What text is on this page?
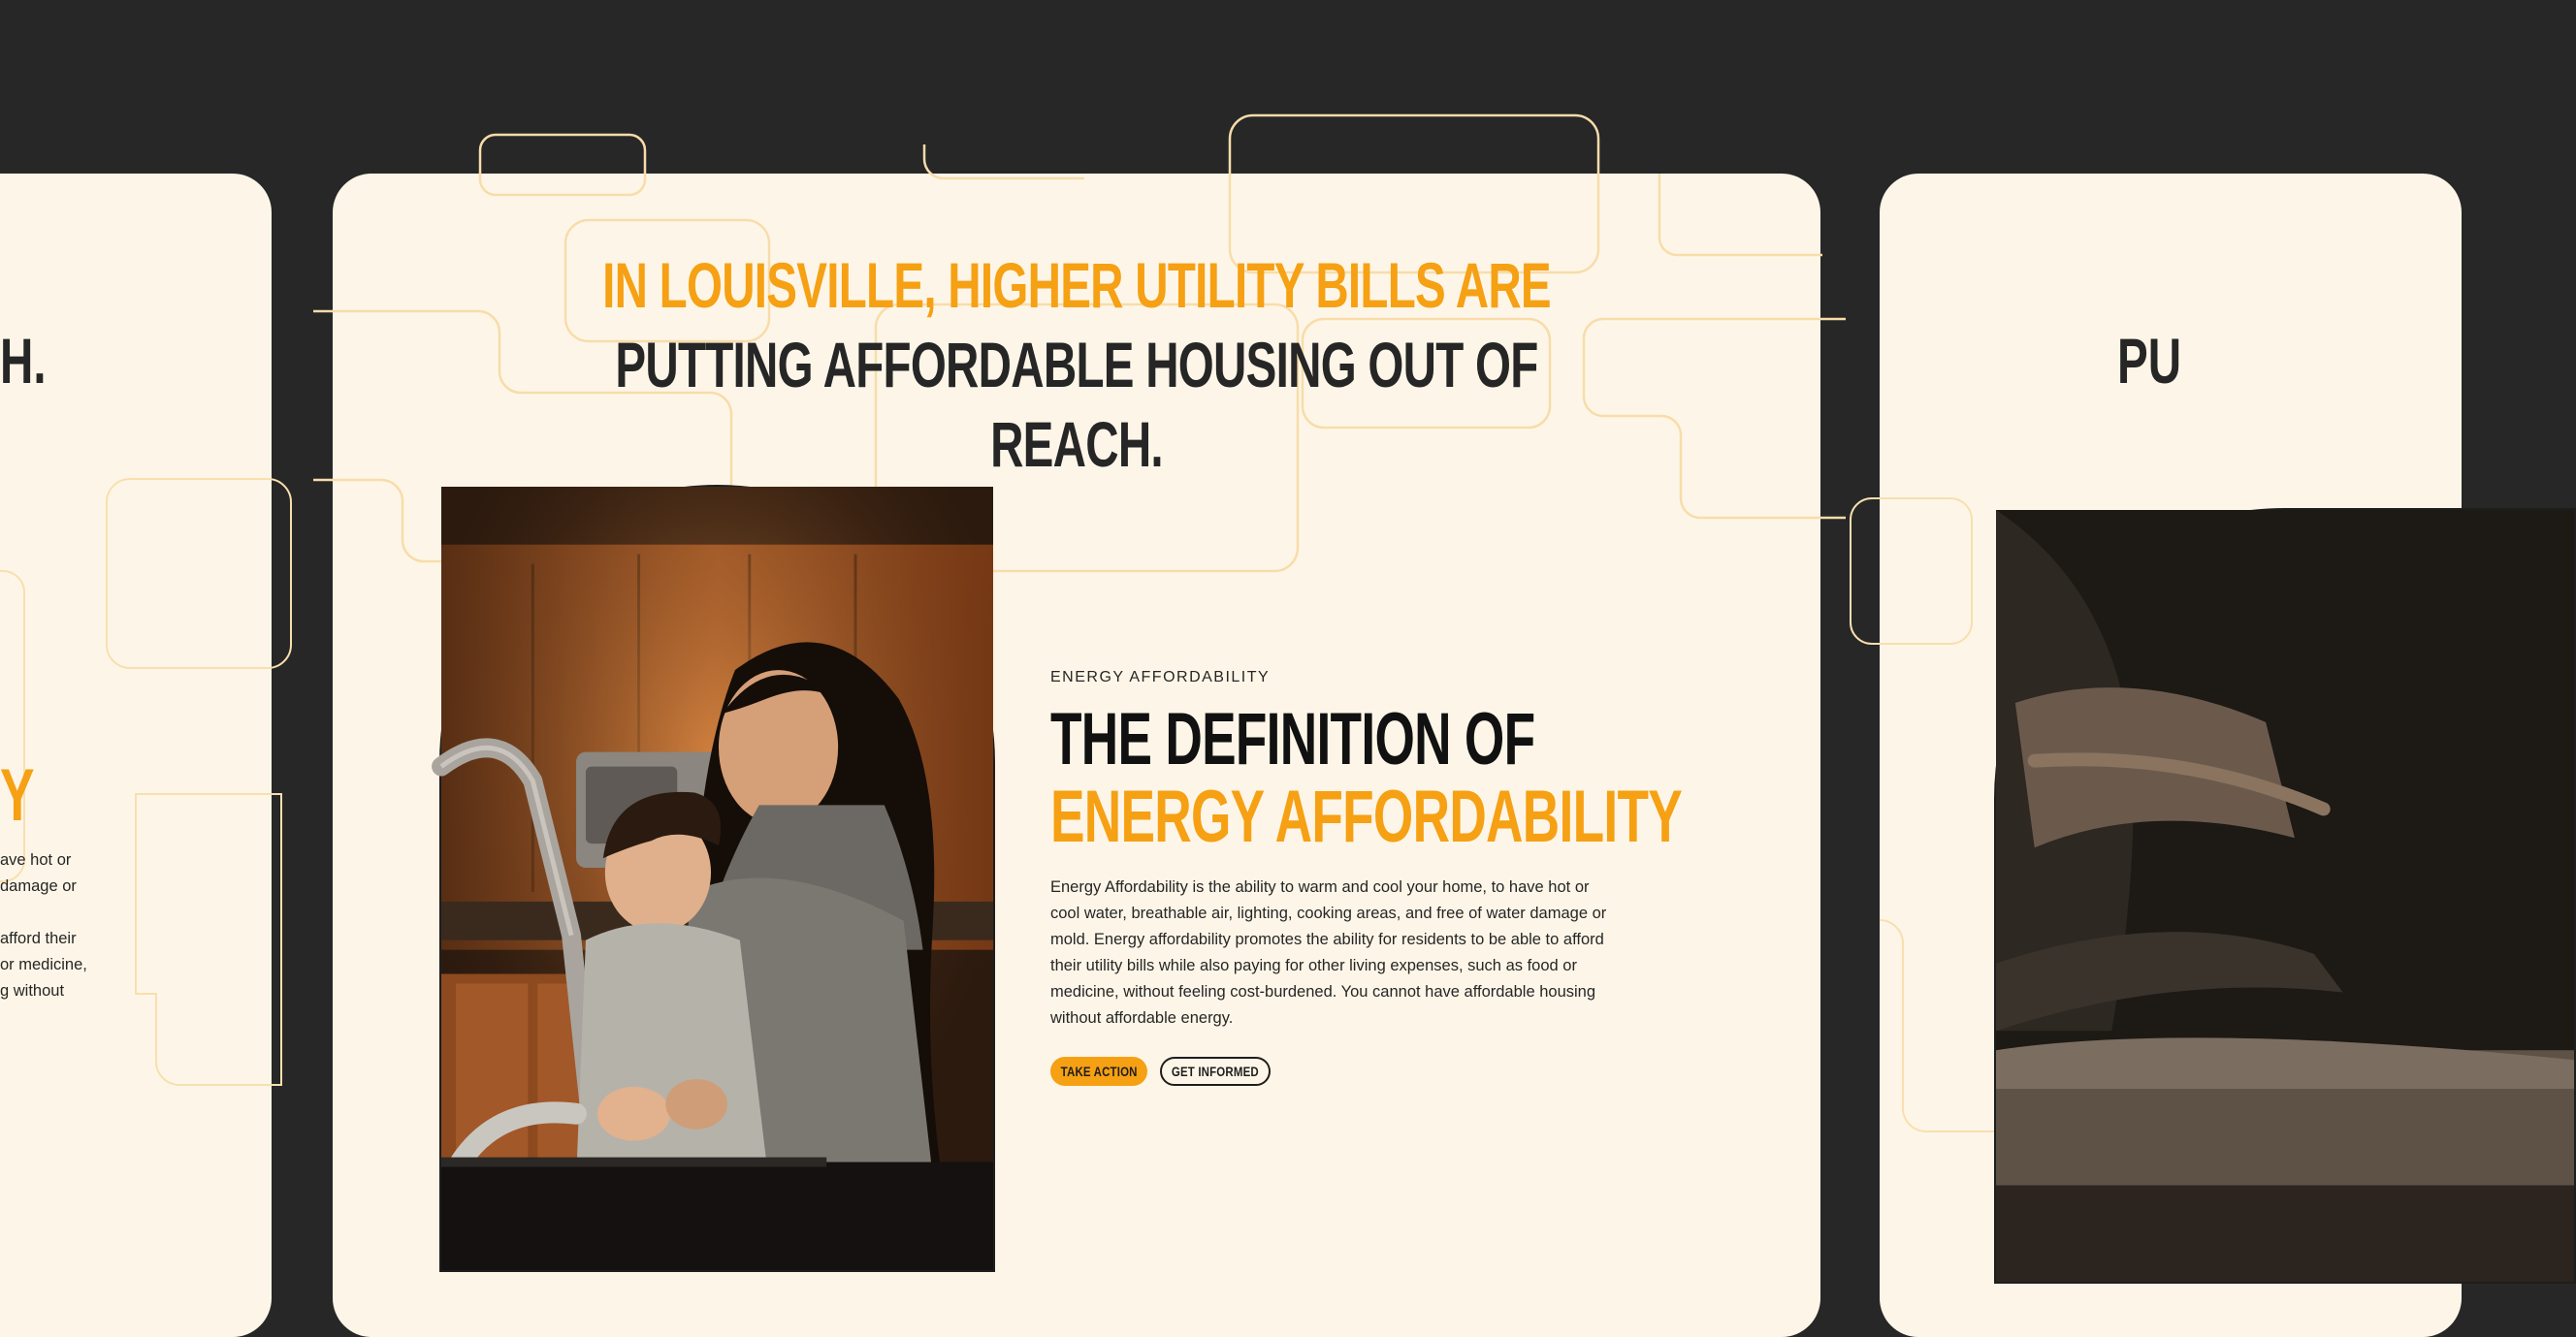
H.
Y
ave hot or
damage or

afford their
or medicine,
g without
IN LOUISVILLE, HIGHER UTILITY BILLS ARE
PUTTING AFFORDABLE HOUSING OUT OF REACH.
ENERGY AFFORDABILITY
THE DEFINITION OF
ENERGY AFFORDABILITY
Energy Affordability is the ability to warm and cool your home, to have hot or cool water, breathable air, lighting, cooking areas, and free of water damage or mold. Energy affordability promotes the ability for residents to be able to afford their utility bills while also paying for other living expenses, such as food or medicine, without feeling cost-burdened. You cannot have affordable housing without affordable energy.
TAKE ACTION	GET INFORMED
PU
